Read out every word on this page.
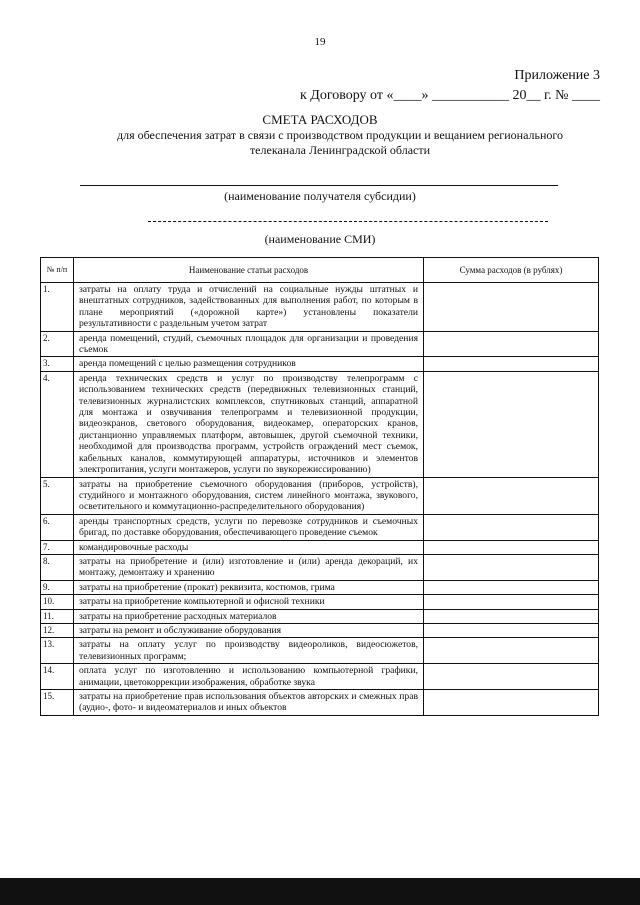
19
Приложение 3
к Договору от «____» ___________ 20__ г. № ____
СМЕТА РАСХОДОВ
для обеспечения затрат в связи с производством продукции и вещанием регионального телеканала Ленинградской области
(наименование получателя субсидии)
(наименование СМИ)
№ п/п	Наименование статьи расходов	Сумма расходов (в рублях)
1.	затраты на оплату труда и отчислений на социальные нужды штатных и внештатных сотрудников, задействованных для выполнения работ, по которым в плане мероприятий («дорожной карте») установлены показатели результативности с раздельным учетом затрат	
2.	аренда помещений, студий, съемочных площадок для организации и проведения съемок	
3.	аренда помещений с целью размещения сотрудников	
4.	аренда технических средств и услуг по производству телепрограмм с использованием технических средств (передвижных телевизионных станций, телевизионных журналистских комплексов, спутниковых станций, аппаратной для монтажа и озвучивания телепрограмм и телевизионной продукции, видеоэкранов, светового оборудования, видеокамер, операторских кранов, дистанционно управляемых платформ, автовышек, другой съемочной техники, необходимой для производства программ, устройств ограждений мест съемок, кабельных каналов, коммутирующей аппаратуры, источников и элементов электропитания, услуги монтажеров, услуги по звукорежиссированию)	
5.	затраты на приобретение съемочного оборудования (приборов, устройств), студийного и монтажного оборудования, систем линейного монтажа, звукового, осветительного и коммутационно-распределительного оборудования)	
6.	аренды транспортных средств, услуги по перевозке сотрудников и съемочных бригад, по доставке оборудования, обеспечивающего проведение съемок	
7.	командировочные расходы	
8.	затраты на приобретение и (или) изготовление и (или) аренда декораций, их монтажу, демонтажу и хранению	
9.	затраты на приобретение (прокат) реквизита, костюмов, грима	
10.	затраты на приобретение компьютерной и офисной техники	
11.	затраты на приобретение расходных материалов	
12.	затраты на ремонт и обслуживание оборудования	
13.	затраты на оплату услуг по производству видеороликов, видеосюжетов, телевизионных программ;	
14.	оплата услуг по изготовлению и использованию компьютерной графики, анимации, цветокоррекции изображения, обработке звука	
15.	затраты на приобретение прав использования объектов авторских и смежных прав (аудио-, фото- и видеоматериалов и иных объектов	
